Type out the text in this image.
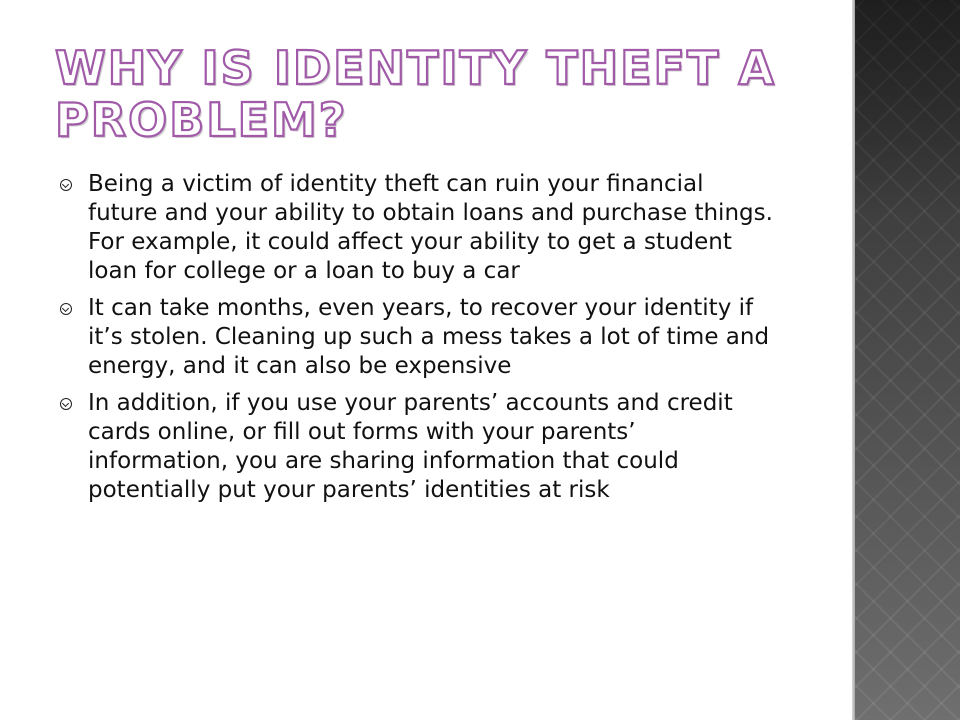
WHY IS IDENTITY THEFT A PROBLEM?
Being a victim of identity theft can ruin your financial future and your ability to obtain loans and purchase things. For example, it could affect your ability to get a student loan for college or a loan to buy a car
It can take months, even years, to recover your identity if it’s stolen. Cleaning up such a mess takes a lot of time and energy, and it can also be expensive
In addition, if you use your parents’ accounts and credit cards online, or fill out forms with your parents’ information, you are sharing information that could potentially put your parents’ identities at risk
